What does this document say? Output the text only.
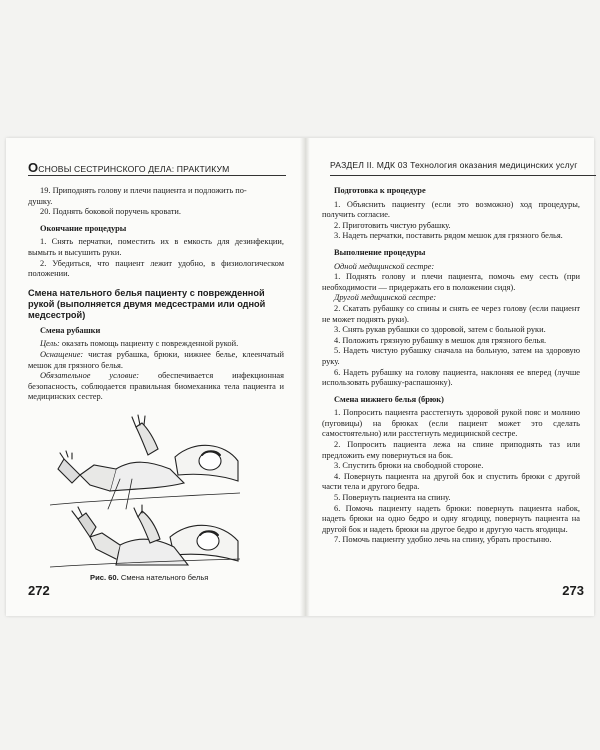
ОСНОВЫ СЕСТРИНСКОГО ДЕЛА: ПРАКТИКУМ

19. Приподнять голову и плечи пациента и подложить по-

душку.

20. Поднять боковой поручень кровати.

Окончание процедуры

1. Снять перчатки, поместить их в емкость для дезинфекции, вымыть и высушить руки.

2. Убедиться, что пациент лежит удобно, в физиологическом положении.

Смена нательного белья пациенту с поврежденной рукой (выполняется двумя медсестрами или одной медсестрой)
Смена рубашки

Цель: оказать помощь пациенту с поврежденной рукой.

Оснащение: чистая рубашка, брюки, нижнее белье, клеенчатый мешок для грязного белья.

Обязательное условие: обеспечивается инфекционная безопасность, соблюдается правильная биомеханика тела пациента и медицинских сестер.

Рис. 60. Смена нательного белья
272
РАЗДЕЛ II. МДК 03 Технология оказания медицинских услуг
Подготовка к процедуре

1. Объяснить пациенту (если это возможно) ход процедуры, получить согласие.

2. Приготовить чистую рубашку.

3. Надеть перчатки, поставить рядом мешок для грязного белья.

Выполнение процедуры

Одной медицинской сестре:

1. Поднять голову и плечи пациента, помочь ему сесть (при необходимости — придержать его в положении сидя).

Другой медицинской сестре:

2. Скатать рубашку со спины и снять ее через голову (если пациент не может поднять руки).

3. Снять рукав рубашки со здоровой, затем с больной руки.

4. Положить грязную рубашку в мешок для грязного белья.

5. Надеть чистую рубашку сначала на больную, затем на здоровую руку.

6. Надеть рубашку на голову пациента, наклоняя ее вперед (лучше использовать рубашку-распашонку).

Смена нижнего белья (брюк)

1. Попросить пациента расстегнуть здоровой рукой пояс и молнию (пуговицы) на брюках (если пациент может это сделать самостоятельно) или расстегнуть медицинской сестре.

2. Попросить пациента лежа на спине приподнять таз или предложить ему повернуться на бок.

3. Спустить брюки на свободной стороне.

4. Повернуть пациента на другой бок и спустить брюки с другой части тела и другого бедра.

5. Повернуть пациента на спину.

6. Помочь пациенту надеть брюки: повернуть пациента набок, надеть брюки на одно бедро и одну ягодицу, повернуть пациента на другой бок и надеть брюки на другое бедро и другую часть ягодицы.

7. Помочь пациенту удобно лечь на спину, убрать простыню.

273
